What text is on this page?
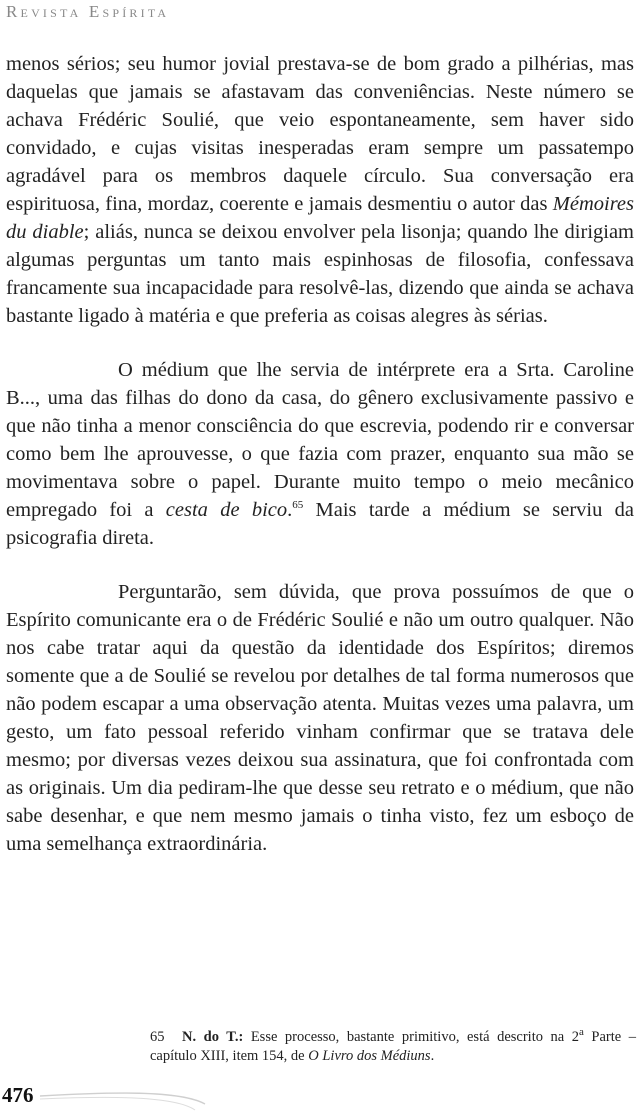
Revista Espírita

menos sérios; seu humor jovial prestava-se de bom grado a pilhérias, mas daquelas que jamais se afastavam das conveniências. Neste número se achava Frédéric Soulié, que veio espontaneamente, sem haver sido convidado, e cujas visitas inesperadas eram sempre um passatempo agradável para os membros daquele círculo. Sua conversação era espirituosa, fina, mordaz, coerente e jamais desmentiu o autor das Mémoires du diable; aliás, nunca se deixou envolver pela lisonja; quando lhe dirigiam algumas perguntas um tanto mais espinhosas de filosofia, confessava francamente sua incapacidade para resolvê-las, dizendo que ainda se achava bastante ligado à matéria e que preferia as coisas alegres às sérias.

O médium que lhe servia de intérprete era a Srta. Caroline B..., uma das filhas do dono da casa, do gênero exclusivamente passivo e que não tinha a menor consciência do que escrevia, podendo rir e conversar como bem lhe aprouvesse, o que fazia com prazer, enquanto sua mão se movimentava sobre o papel. Durante muito tempo o meio mecânico empregado foi a cesta de bico.$^{65}$ Mais tarde a médium se serviu da psicografia direta.

Perguntarão, sem dúvida, que prova possuímos de que o Espírito comunicante era o de Frédéric Soulié e não um outro qualquer. Não nos cabe tratar aqui da questão da identidade dos Espíritos; diremos somente que a de Soulié se revelou por detalhes de tal forma numerosos que não podem escapar a uma observação atenta. Muitas vezes uma palavra, um gesto, um fato pessoal referido vinham confirmar que se tratava dele mesmo; por diversas vezes deixou sua assinatura, que foi confrontada com as originais. Um dia pediram-lhe que desse seu retrato e o médium, que não sabe desenhar, e que nem mesmo jamais o tinha visto, fez um esboço de uma semelhança extraordinária.

65 N. do T.: Esse processo, bastante primitivo, está descrito na 2$^a$ Parte – capítulo XIII, item 154, de O Livro dos Médiuns.
476
